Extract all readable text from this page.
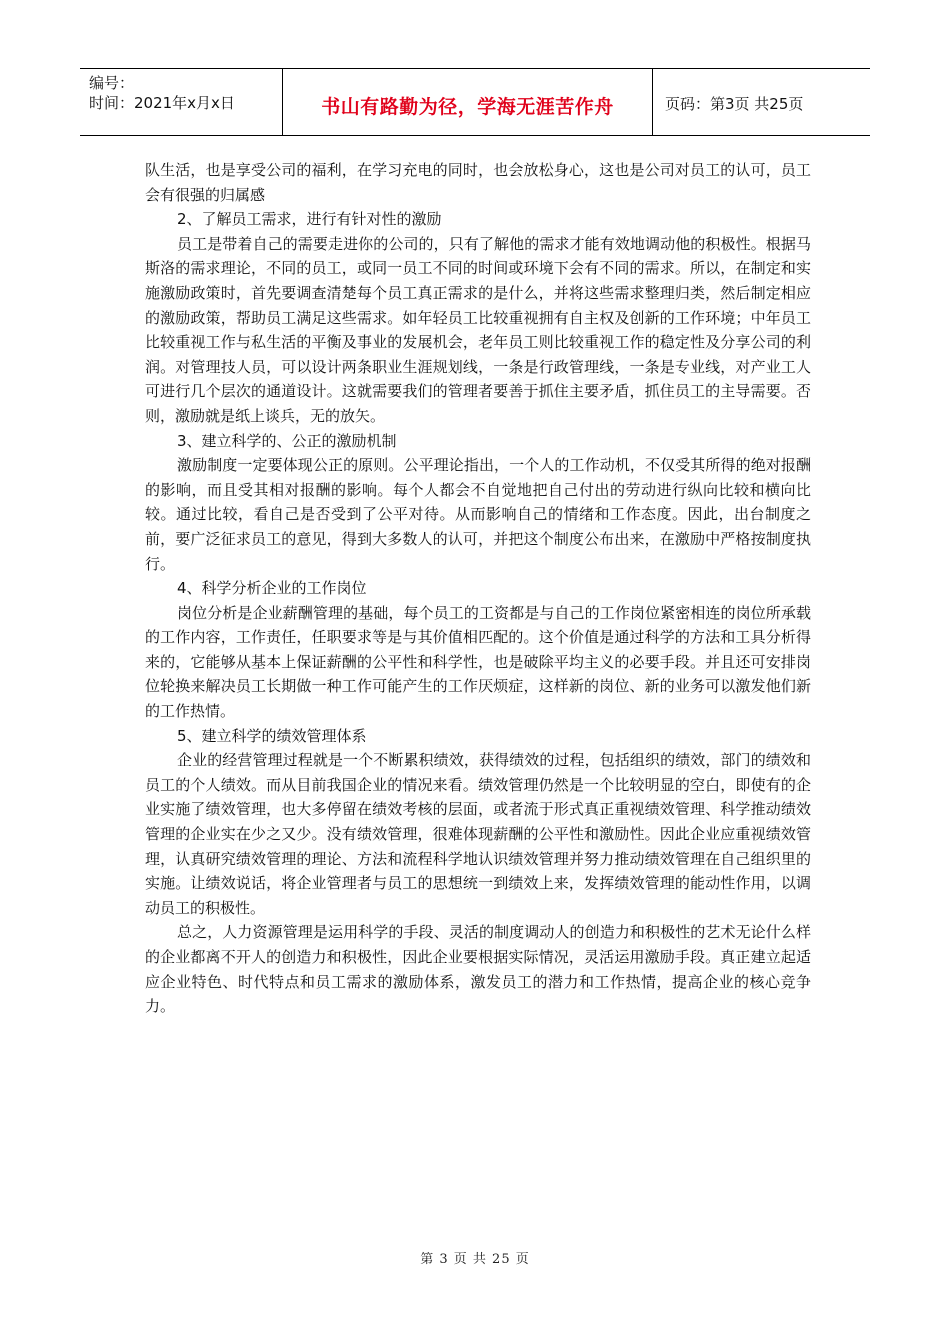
编号：
时间：2021年x月x日	书山有路勤为径，学海无涯苦作舟	页码：第3页 共25页

队生活，也是享受公司的福利，在学习充电的同时，也会放松身心，这也是公司对员工的认可，员工会有很强的归属感

2、了解员工需求，进行有针对性的激励

员工是带着自己的需要走进你的公司的，只有了解他的需求才能有效地调动他的积极性。根据马斯洛的需求理论，不同的员工，或同一员工不同的时间或环境下会有不同的需求。所以，在制定和实施激励政策时，首先要调查清楚每个员工真正需求的是什么，并将这些需求整理归类，然后制定相应的激励政策，帮助员工满足这些需求。如年轻员工比较重视拥有自主权及创新的工作环境；中年员工比较重视工作与私生活的平衡及事业的发展机会，老年员工则比较重视工作的稳定性及分享公司的利润。对管理技人员，可以设计两条职业生涯规划线，一条是行政管理线，一条是专业线，对产业工人可进行几个层次的通道设计。这就需要我们的管理者要善于抓住主要矛盾，抓住员工的主导需要。否则，激励就是纸上谈兵，无的放矢。

3、建立科学的、公正的激励机制

激励制度一定要体现公正的原则。公平理论指出，一个人的工作动机，不仅受其所得的绝对报酬的影响，而且受其相对报酬的影响。每个人都会不自觉地把自己付出的劳动进行纵向比较和横向比较。通过比较，看自己是否受到了公平对待。从而影响自己的情绪和工作态度。因此，出台制度之前，要广泛征求员工的意见，得到大多数人的认可，并把这个制度公布出来，在激励中严格按制度执行。

4、科学分析企业的工作岗位

岗位分析是企业薪酬管理的基础，每个员工的工资都是与自己的工作岗位紧密相连的岗位所承载的工作内容，工作责任，任职要求等是与其价值相匹配的。这个价值是通过科学的方法和工具分析得来的，它能够从基本上保证薪酬的公平性和科学性，也是破除平均主义的必要手段。并且还可安排岗位轮换来解决员工长期做一种工作可能产生的工作厌烦症，这样新的岗位、新的业务可以激发他们新的工作热情。

5、建立科学的绩效管理体系

企业的经营管理过程就是一个不断累积绩效，获得绩效的过程，包括组织的绩效，部门的绩效和员工的个人绩效。而从目前我国企业的情况来看。绩效管理仍然是一个比较明显的空白，即使有的企业实施了绩效管理，也大多停留在绩效考核的层面，或者流于形式真正重视绩效管理、科学推动绩效管理的企业实在少之又少。没有绩效管理，很难体现薪酬的公平性和激励性。因此企业应重视绩效管理，认真研究绩效管理的理论、方法和流程科学地认识绩效管理并努力推动绩效管理在自己组织里的实施。让绩效说话，将企业管理者与员工的思想统一到绩效上来，发挥绩效管理的能动性作用，以调动员工的积极性。

总之，人力资源管理是运用科学的手段、灵活的制度调动人的创造力和积极性的艺术无论什么样的企业都离不开人的创造力和积极性，因此企业要根据实际情况，灵活运用激励手段。真正建立起适应企业特色、时代特点和员工需求的激励体系，激发员工的潜力和工作热情，提高企业的核心竞争力。

第 3 页 共 25 页
